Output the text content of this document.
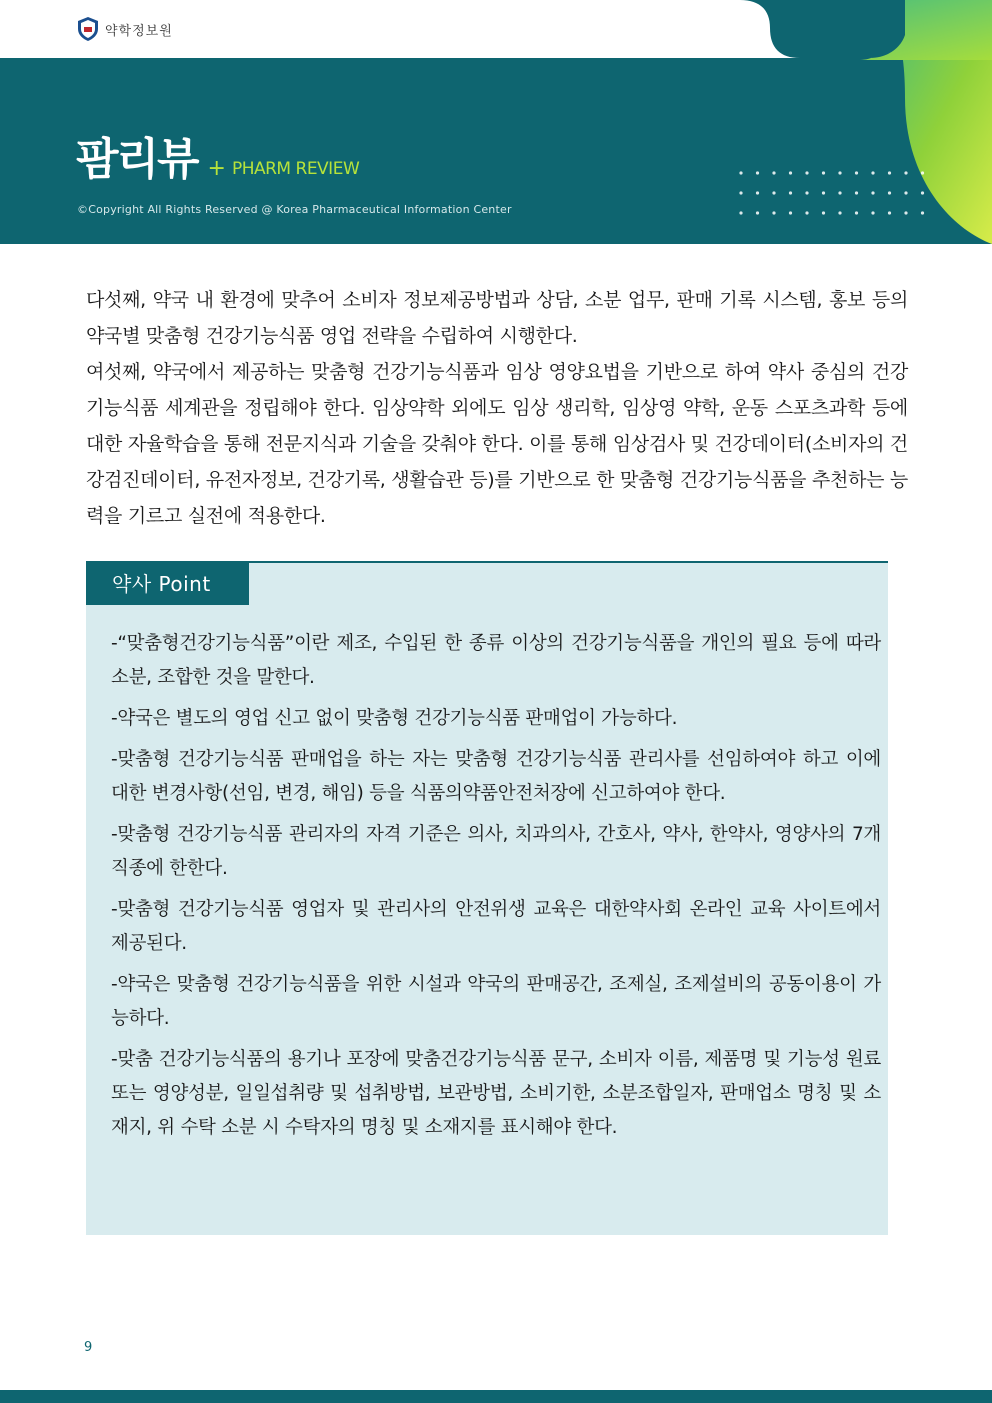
약학정보원
팜리뷰 + PHARM REVIEW
©Copyright All Rights Reserved @ Korea Pharmaceutical Information Center

다섯째, 약국 내 환경에 맞추어 소비자 정보제공방법과 상담, 소분 업무, 판매 기록 시스템, 홍보 등의 약국별 맞춤형 건강기능식품 영업 전략을 수립하여 시행한다.

여섯째, 약국에서 제공하는 맞춤형 건강기능식품과 임상 영양요법을 기반으로 하여 약사 중심의 건강기능식품 세계관을 정립해야 한다. 임상약학 외에도 임상 생리학, 임상영 약학, 운동 스포츠과학 등에 대한 자율학습을 통해 전문지식과 기술을 갖춰야 한다. 이를 통해 임상검사 및 건강데이터(소비자의 건강검진데이터, 유전자정보, 건강기록, 생활습관 등)를 기반으로 한 맞춤형 건강기능식품을 추천하는 능력을 기르고 실전에 적용한다.

약사 Point
-“맞춤형건강기능식품”이란 제조, 수입된 한 종류 이상의 건강기능식품을 개인의 필요 등에 따라 소분, 조합한 것을 말한다.
-약국은 별도의 영업 신고 없이 맞춤형 건강기능식품 판매업이 가능하다.
-맞춤형 건강기능식품 판매업을 하는 자는 맞춤형 건강기능식품 관리사를 선임하여야 하고 이에 대한 변경사항(선임, 변경, 해임) 등을 식품의약품안전처장에 신고하여야 한다.
-맞춤형 건강기능식품 관리자의 자격 기준은 의사, 치과의사, 간호사, 약사, 한약사, 영양사의 7개 직종에 한한다.
-맞춤형 건강기능식품 영업자 및 관리사의 안전위생 교육은 대한약사회 온라인 교육 사이트에서 제공된다.
-약국은 맞춤형 건강기능식품을 위한 시설과 약국의 판매공간, 조제실, 조제설비의 공동이용이 가능하다.
-맞춤 건강기능식품의 용기나 포장에 맞춤건강기능식품 문구, 소비자 이름, 제품명 및 기능성 원료 또는 영양성분, 일일섭취량 및 섭취방법, 보관방법, 소비기한, 소분조합일자, 판매업소 명칭 및 소재지, 위 수탁 소분 시 수탁자의 명칭 및 소재지를 표시해야 한다.
9
